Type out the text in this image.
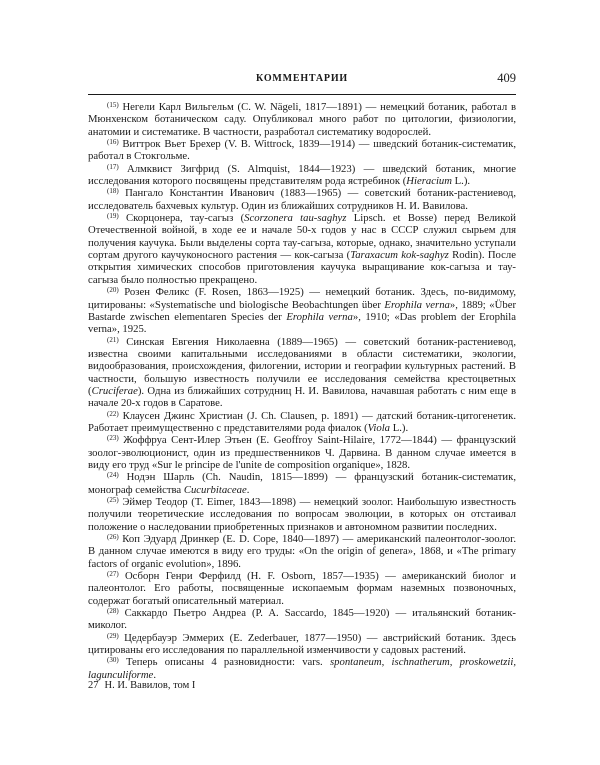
КОММЕНТАРИИ	409

$^{(15)}$ Негели Карл Вильгельм (C. W. Nägeli, 1817—1891) — немецкий ботаник, работал в Мюнхенском ботаническом саду. Опубликовал много работ по цитологии, физиологии, анатомии и систематике. В частности, разработал систематику водорослей.

$^{(16)}$ Виттрок Вьет Брехер (V. B. Wittrock, 1839—1914) — шведский ботаник-систематик, работал в Стокгольме.

$^{(17)}$ Алмквист Зигфрид (S. Almquist, 1844—1923) — шведский ботаник, многие исследования которого посвящены представителям рода ястребинок (Hieracium L.).

$^{(18)}$ Пангало Константин Иванович (1883—1965) — советский ботаник-растениевод, исследователь бахчевых культур. Один из ближайших сотрудников Н. И. Вавилова.

$^{(19)}$ Скорцонера, тау-сагыз (Scorzonera tau-saghyz Lipsch. et Bosse) перед Великой Отечественной войной, в ходе ее и начале 50-х годов у нас в СССР служил сырьем для получения каучука. Были выделены сорта тау-сагыза, которые, однако, значительно уступали сортам другого каучуконосного растения — кок-сагыза (Taraxacum kok-saghyz Rodin). После открытия химических способов приготовления каучука выращивание кок-сагыза и тау-сагыза было полностью прекращено.

$^{(20)}$ Розен Феликс (F. Rosen, 1863—1925) — немецкий ботаник. Здесь, по-видимому, цитированы: «Systematische und biologische Beobachtungen über Erophila verna», 1889; «Über Bastarde zwischen elementaren Species der Erophila verna», 1910; «Das problem der Erophila verna», 1925.

$^{(21)}$ Синская Евгения Николаевна (1889—1965) — советский ботаник-растениевод, известна своими капитальными исследованиями в области систематики, экологии, видообразования, происхождения, филогении, истории и географии культурных растений. В частности, большую известность получили ее исследования семейства крестоцветных (Cruciferae). Одна из ближайших сотрудниц Н. И. Вавилова, начавшая работать с ним еще в начале 20-х годов в Саратове.

$^{(22)}$ Клаусен Джинс Христиан (J. Ch. Clausen, p. 1891) — датский ботаник-цитогенетик. Работает преимущественно с представителями рода фиалок (Viola L.).

$^{(23)}$ Жоффруа Сент-Илер Этьен (E. Geoffroy Saint-Hilaire, 1772—1844) — французский зоолог-эволюционист, один из предшественников Ч. Дарвина. В данном случае имеется в виду его труд «Sur le principe de l'unite de composition organique», 1828.

$^{(24)}$ Нодэн Шарль (Ch. Naudin, 1815—1899) — французский ботаник-систематик, монограф семейства Cucurbitaceae.

$^{(25)}$ Эймер Теодор (T. Eimer, 1843—1898) — немецкий зоолог. Наибольшую известность получили теоретические исследования по вопросам эволюции, в которых он отстаивал положение о наследовании приобретенных признаков и автономном развитии последних.

$^{(26)}$ Коп Эдуард Дринкер (E. D. Cope, 1840—1897) — американский палеонтолог-зоолог. В данном случае имеются в виду его труды: «On the origin of genera», 1868, и «The primary factors of organic evolution», 1896.

$^{(27)}$ Осборн Генри Ферфилд (H. F. Osborn, 1857—1935) — американский биолог и палеонтолог. Его работы, посвященные ископаемым формам наземных позвоночных, содержат богатый описательный материал.

$^{(28)}$ Саккардо Пьетро Андреа (P. A. Saccardo, 1845—1920) — итальянский ботаник-миколог.

$^{(29)}$ Цедербауэр Эммерих (E. Zederbauer, 1877—1950) — австрийский ботаник. Здесь цитированы его исследования по параллельной изменчивости у садовых растений.

$^{(30)}$ Теперь описаны 4 разновидности: vars. spontaneum, ischnatherum, proskowetzii, lagunculiforme.

27 Н. И. Вавилов, том I
